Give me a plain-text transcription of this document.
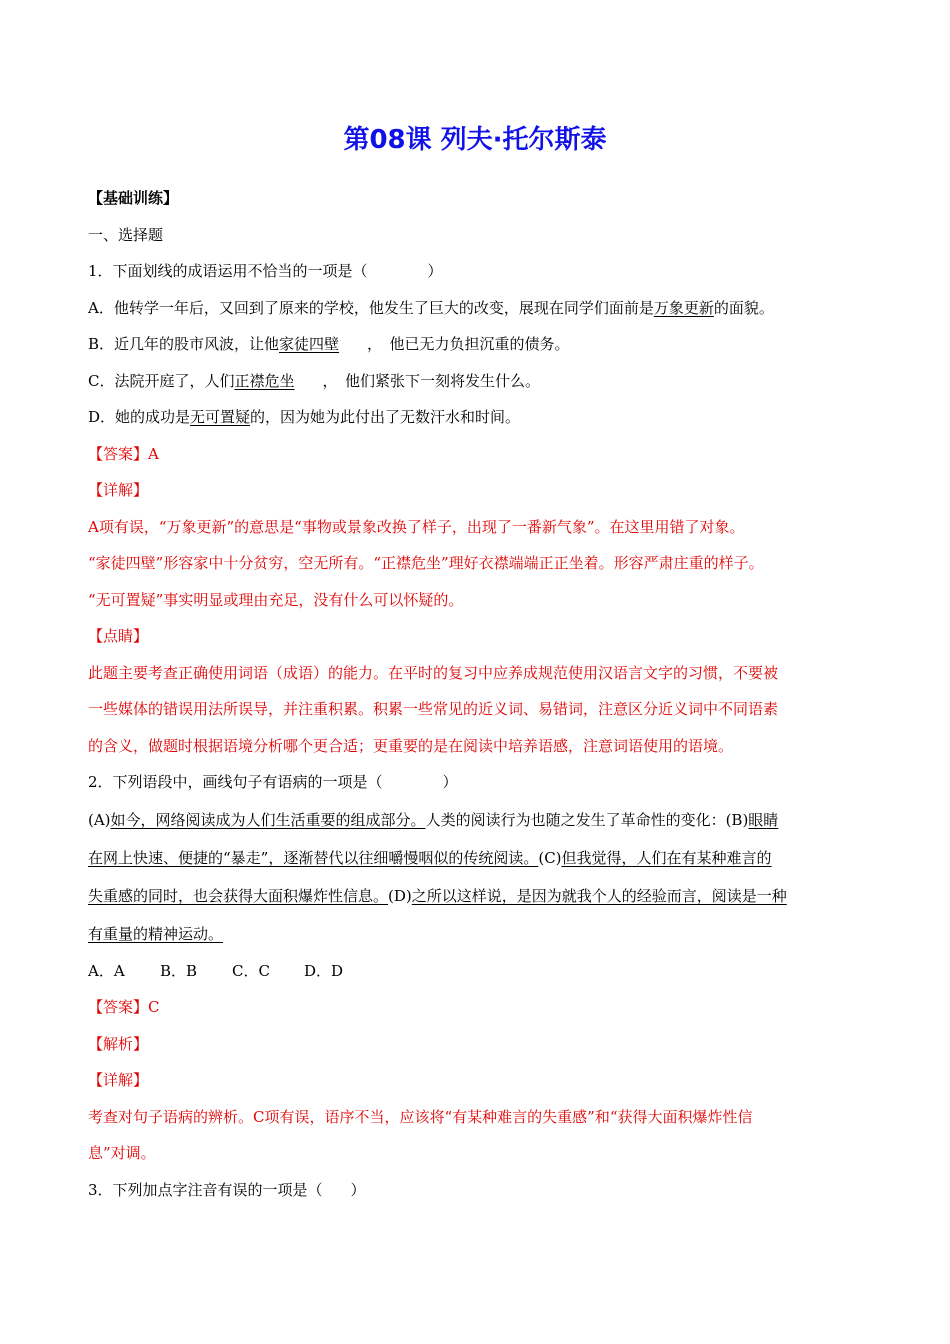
第08课 列夫·托尔斯泰
【基础训练】
一、选择题
1．下面划线的成语运用不恰当的一项是（	）
A．他转学一年后，又回到了原来的学校，他发生了巨大的改变，展现在同学们面前是万象更新的面貌。
B．近几年的股市风波，让他家徒四壁 ，　他已无力负担沉重的债务。
C．法院开庭了，人们正襟危坐 ，　他们紧张下一刻将发生什么。
D．她的成功是无可置疑的，因为她为此付出了无数汗水和时间。
【答案】A
【详解】
A项有误，“万象更新”的意思是“事物或景象改换了样子，出现了一番新气象”。在这里用错了对象。
“家徒四壁”形容家中十分贫穷，空无所有。“正襟危坐”理好衣襟端端正正坐着。形容严肃庄重的样子。
“无可置疑”事实明显或理由充足，没有什么可以怀疑的。
【点睛】
此题主要考查正确使用词语（成语）的能力。在平时的复习中应养成规范使用汉语言文字的习惯，不要被
一些媒体的错误用法所误导，并注重积累。积累一些常见的近义词、易错词，注意区分近义词中不同语素
的含义，做题时根据语境分析哪个更合适；更重要的是在阅读中培养语感，注意词语使用的语境。
2．下列语段中，画线句子有语病的一项是（	）
(A)如今，网络阅读成为人们生活重要的组成部分。人类的阅读行为也随之发生了革命性的变化：(B)眼睛
在网上快速、便捷的“暴走”，逐渐替代以往细嚼慢咽似的传统阅读。(C)但我觉得，人们在有某种难言的
失重感的同时，也会获得大面积爆炸性信息。(D)之所以这样说，是因为就我个人的经验而言，阅读是一种
有重量的精神运动。
A．A B．B C．C D．D
【答案】C
【解析】
【详解】
考查对句子语病的辨析。C项有误，语序不当，应该将“有某种难言的失重感”和“获得大面积爆炸性信
息”对调。
3．下列加点字注音有误的一项是（ ）
